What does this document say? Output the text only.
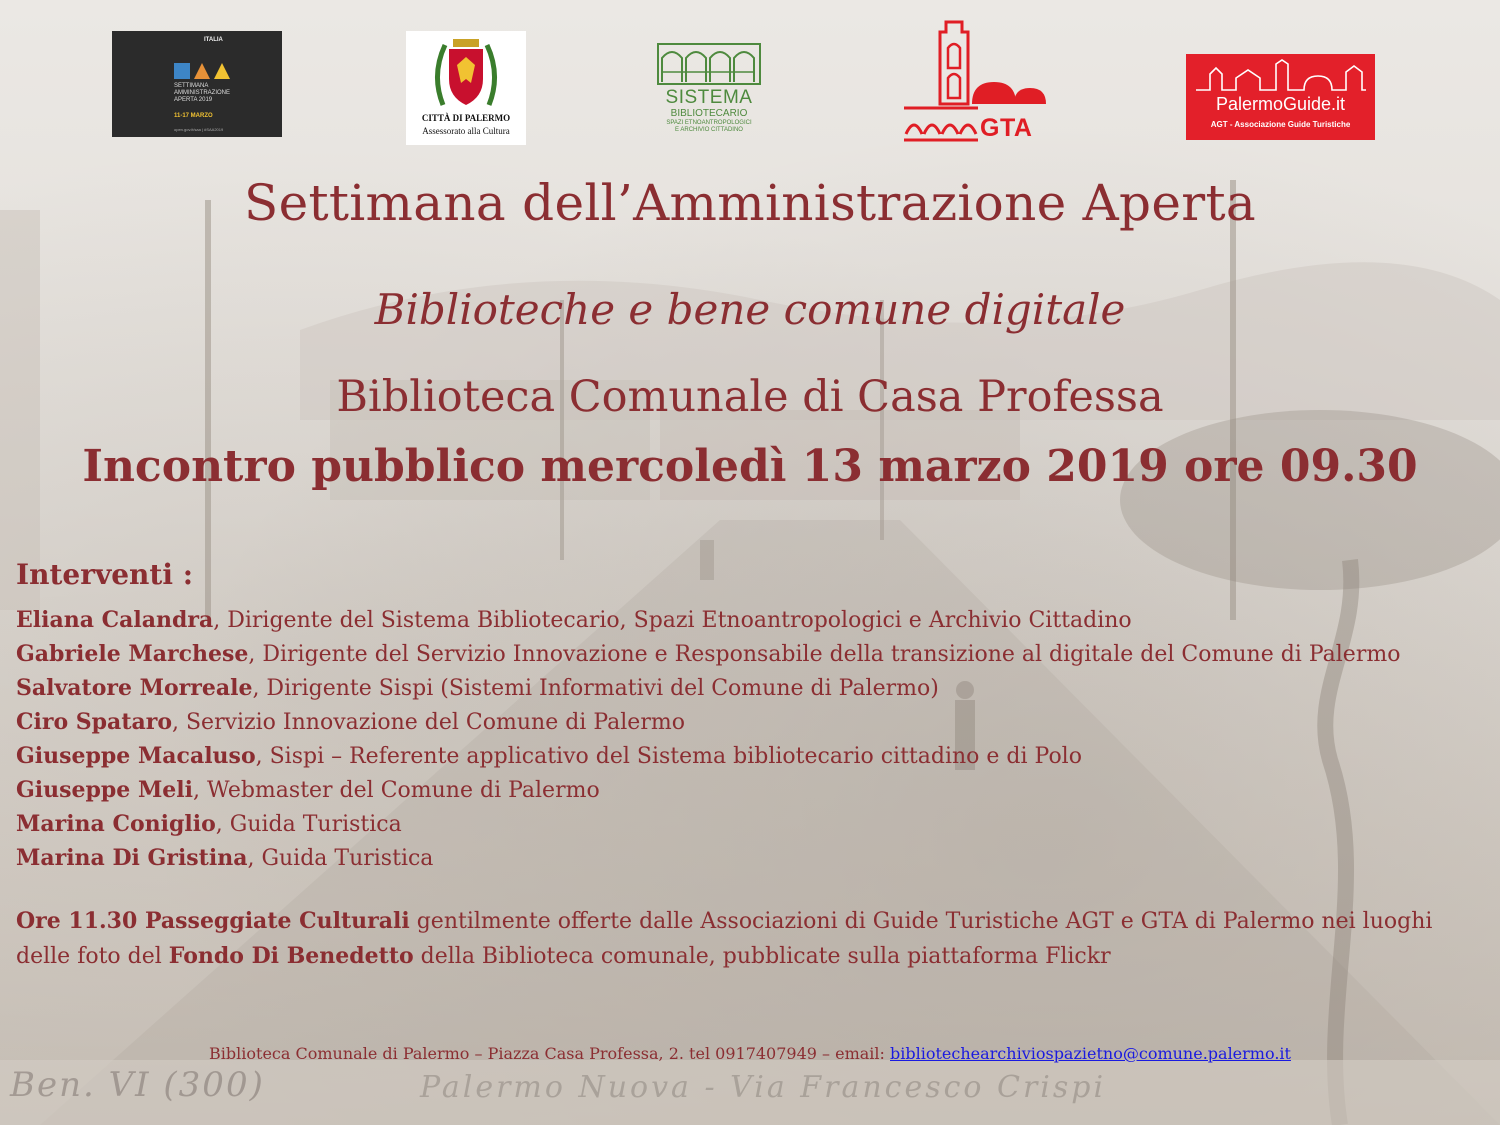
ITALIA
SETTIMANA
AMMINISTRAZIONE
APERTA 2019
11-17 MARZO
open.gov.it/saa | #SAA2019
CITTÀ DI PALERMO
Assessorato alla Cultura
SISTEMA
BIBLIOTECARIO
SPAZI ETNOANTROPOLOGICI
E ARCHIVIO CITTADINO	GTA
PalermoGuide.it
AGT - Associazione Guide Turistiche
Settimana dell’Amministrazione Aperta
Biblioteche e bene comune digitale
Biblioteca Comunale di Casa Professa
Incontro pubblico mercoledì 13 marzo 2019 ore 09.30
Interventi :
Eliana Calandra, Dirigente del Sistema Bibliotecario, Spazi Etnoantropologici e Archivio Cittadino
Gabriele Marchese, Dirigente del Servizio Innovazione e Responsabile della transizione al digitale del Comune di Palermo
Salvatore Morreale, Dirigente Sispi (Sistemi Informativi del Comune di Palermo)
Ciro Spataro, Servizio Innovazione del Comune di Palermo
Giuseppe Macaluso, Sispi – Referente applicativo del Sistema bibliotecario cittadino e di Polo
Giuseppe Meli, Webmaster del Comune di Palermo
Marina Coniglio, Guida Turistica
Marina Di Gristina, Guida Turistica
Ore 11.30 Passeggiate Culturali gentilmente offerte dalle Associazioni di Guide Turistiche AGT e GTA di Palermo nei luoghi delle foto del Fondo Di Benedetto della Biblioteca comunale, pubblicate sulla piattaforma Flickr
Biblioteca Comunale di Palermo – Piazza Casa Professa, 2. tel 0917407949 – email: bibliotechearchiviospazietno@comune.palermo.it
Ben. VI (300)	Palermo Nuova - Via Francesco Crispi
